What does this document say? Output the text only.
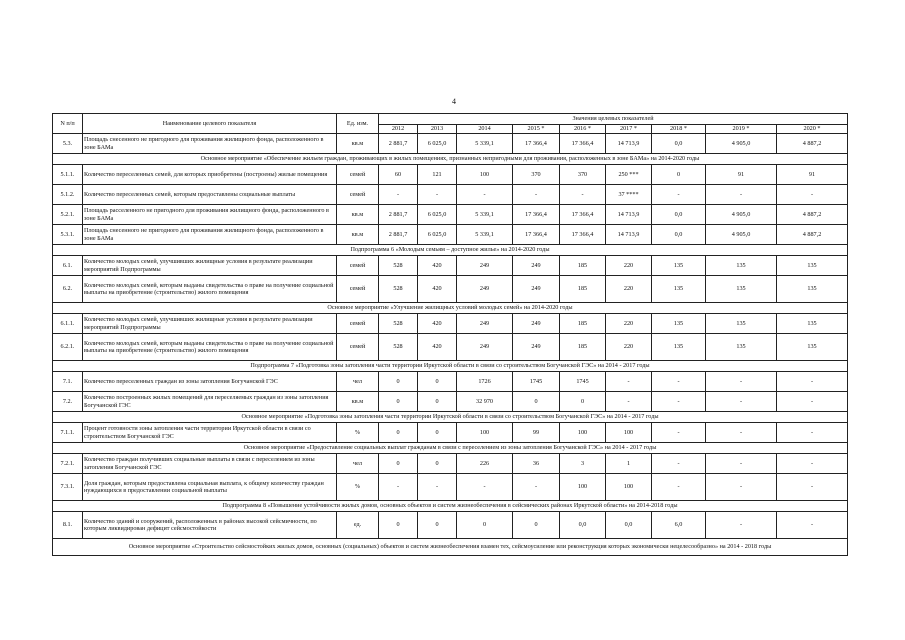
4
N п/п	Наименование целевого показателя	Ед. изм.	Значения целевых показателей								
			2012	2013	2014	2015 *	2016 *	2017 *	2018 *	2019 *	2020 *
5.3.	Площадь снесенного не пригодного для проживания жилищного фонда, расположенного в зоне БАМа	кв.м	2 881,7	6 025,0	5 339,1	17 366,4	17 366,4	14 713,9	0,0	4 905,0	4 887,2
Основное мероприятие «Обеспечение жильем граждан, проживающих в жилых помещениях, признанных непригодными для проживания, расположенных в зоне БАМа» на 2014-2020 годы											
5.1.1.	Количество переселенных семей, для которых приобретены (построены) жилые помещения	семей	60	121	100	370	370	250 ***	0	91	91
5.1.2.	Количество переселенных семей, которым предоставлены социальные выплаты	семей	-	-	-	-	-	37 ****	-	-	-
5.2.1.	Площадь расселенного не пригодного для проживания жилищного фонда, расположенного в зоне БАМа	кв.м	2 881,7	6 025,0	5 339,1	17 366,4	17 366,4	14 713,9	0,0	4 905,0	4 887,2
5.3.1.	Площадь снесенного не пригодного для проживания жилищного фонда, расположенного в зоне БАМа	кв.м	2 881,7	6 025,0	5 339,1	17 366,4	17 366,4	14 713,9	0,0	4 905,0	4 887,2
Подпрограмма 6 «Молодым семьям – доступное жилье» на 2014-2020 годы											
6.1.	Количество молодых семей, улучшивших жилищные условия в результате реализации мероприятий Подпрограммы	семей	528	420	249	249	185	220	135	135	135
6.2.	Количество молодых семей, которым выданы свидетельства о праве на получение социальной выплаты на приобретение (строительство) жилого помещения	семей	528	420	249	249	185	220	135	135	135
Основное мероприятие «Улучшение жилищных условий молодых семей» на 2014-2020 годы											
6.1.1.	Количество молодых семей, улучшивших жилищные условия в результате реализации мероприятий Подпрограммы	семей	528	420	249	249	185	220	135	135	135
6.2.1.	Количество молодых семей, которым выданы свидетельства о праве на получение социальной выплаты на приобретение (строительство) жилого помещения	семей	528	420	249	249	185	220	135	135	135
Подпрограмма 7 «Подготовка зоны затопления части территории Иркутской области в связи со строительством Богучанской ГЭС» на 2014 - 2017 годы											
7.1.	Количество переселенных граждан из зоны затопления Богучанской ГЭС	чел	0	0	1726	1745	1745	-	-	-	-
7.2.	Количество построенных жилых помещений для переселяемых граждан из зоны затопления Богучанской ГЭС	кв.м	0	0	32 970	0	0	-	-	-	-
Основное мероприятие «Подготовка зоны затопления части территории Иркутской области в связи со строительством Богучанской ГЭС» на 2014 - 2017 годы											
7.1.1.	Процент готовности зоны затопления части территории Иркутской области в связи со строительством Богучанской ГЭС	%	0	0	100	99	100	100	-	-	-
Основное мероприятие «Предоставление социальных выплат гражданам в связи с переселением из зоны затопления Богучанской ГЭС» на 2014 - 2017 годы											
7.2.1.	Количество граждан получивших социальные выплаты в связи с переселением из зоны затопления Богучанской ГЭС	чел	0	0	226	36	3	1	-	-	-
7.3.1.	Доля граждан, которым предоставлена социальная выплата, к общему количеству граждан нуждающихся в предоставлении социальной выплаты	%	-	-	-	-	100	100	-	-	-
Подпрограмма 8 «Повышение устойчивости жилых домов, основных объектов и систем жизнеобеспечения в сейсмических районах Иркутской области» на 2014-2018 годы											
8.1.	Количество зданий и сооружений, расположенных в районах высокой сейсмичности, по которым ликвидирован дефицит сейсмостойкости	ед.	0	0	0	0	0,0	0,0	6,0	-	-
Основное мероприятие «Строительство сейсмостойких жилых домов, основных (социальных) объектов и систем жизнеобеспечения взамен тех, сейсмоусиление или реконструкция которых экономически нецелесообразно» на 2014 - 2018 годы											
